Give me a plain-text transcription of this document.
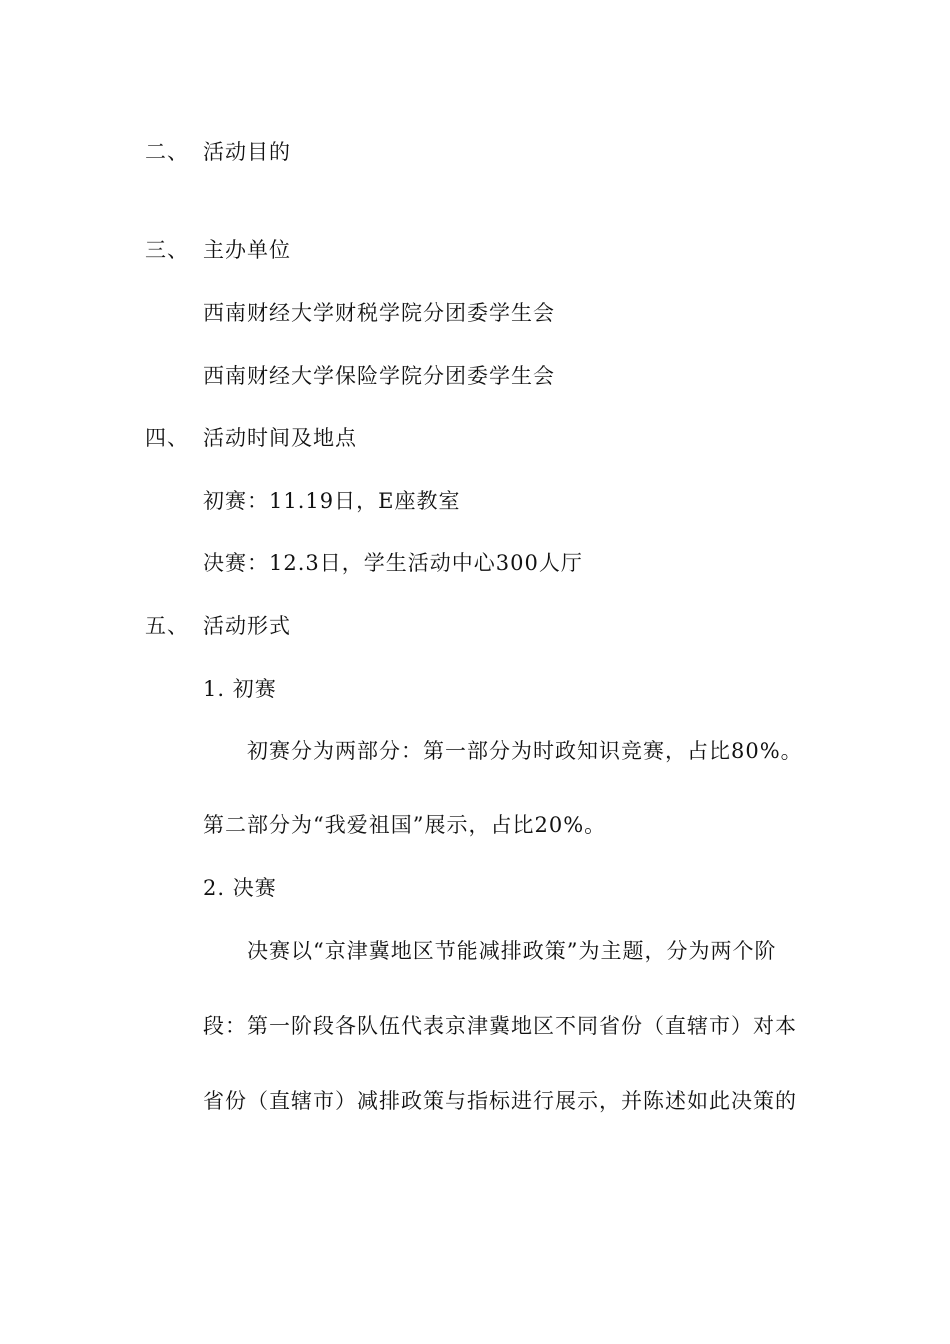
二、 活动目的
三、 主办单位
西南财经大学财税学院分团委学生会
西南财经大学保险学院分团委学生会
四、 活动时间及地点
初赛：11.19日，E座教室
决赛：12.3日，学生活动中心300人厅
五、 活动形式
1. 初赛
初赛分为两部分：第一部分为时政知识竞赛，占比80%。
第二部分为“我爱祖国”展示，占比20%。
2. 决赛
决赛以“京津冀地区节能减排政策”为主题，分为两个阶
段：第一阶段各队伍代表京津冀地区不同省份（直辖市）对本
省份（直辖市）减排政策与指标进行展示，并陈述如此决策的
